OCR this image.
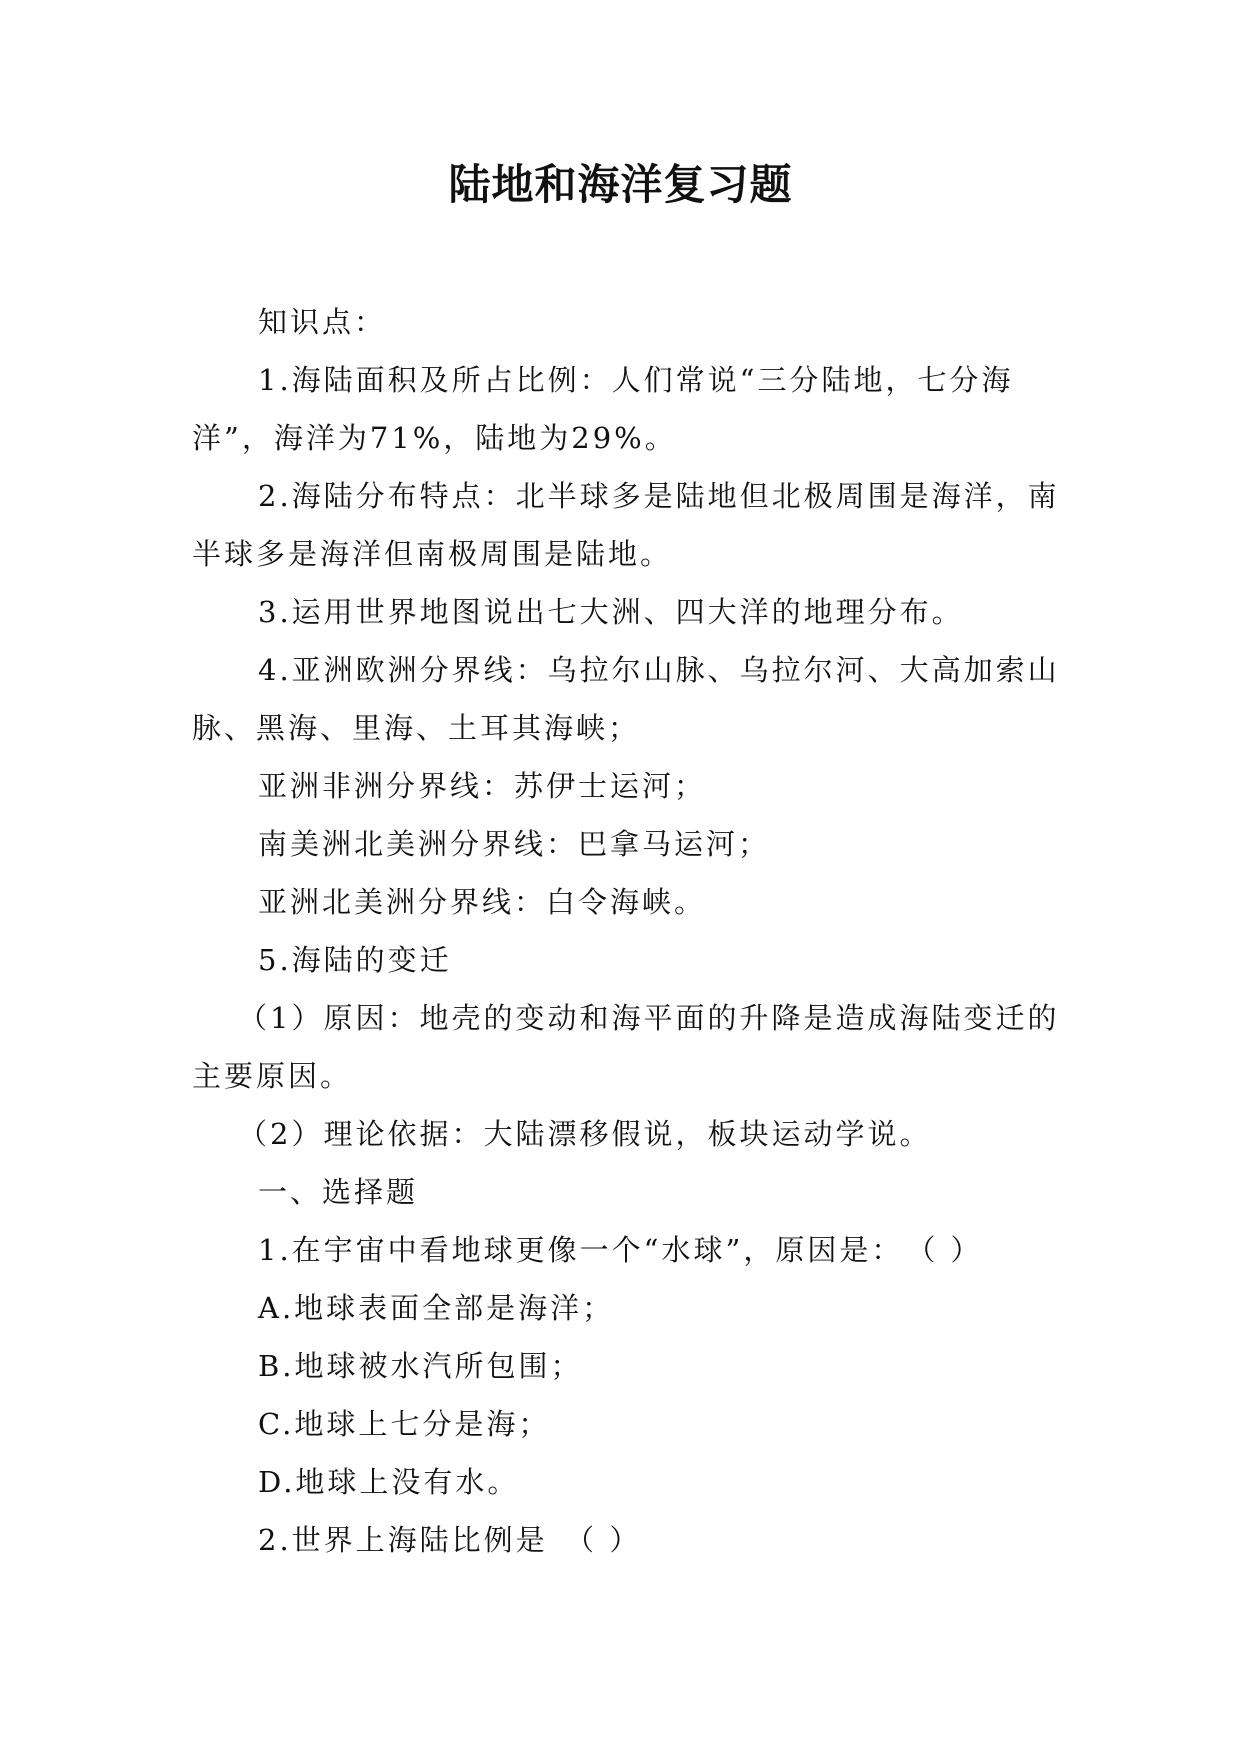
陆地和海洋复习题

知识点：

1.海陆面积及所占比例：人们常说“三分陆地，七分海洋”，海洋为71%，陆地为29%。

2.海陆分布特点：北半球多是陆地但北极周围是海洋，南半球多是海洋但南极周围是陆地。

3.运用世界地图说出七大洲、四大洋的地理分布。

4.亚洲欧洲分界线：乌拉尔山脉、乌拉尔河、大高加索山脉、黑海、里海、土耳其海峡；

亚洲非洲分界线：苏伊士运河；

南美洲北美洲分界线：巴拿马运河；

亚洲北美洲分界线：白令海峡。

5.海陆的变迁

（1）原因：地壳的变动和海平面的升降是造成海陆变迁的主要原因。

（2）理论依据：大陆漂移假说，板块运动学说。

一、选择题

1.在宇宙中看地球更像一个“水球”，原因是：　（ ）

A.地球表面全部是海洋；

B.地球被水汽所包围；

C.地球上七分是海；

D.地球上没有水。

2.世界上海陆比例是　（ ）
